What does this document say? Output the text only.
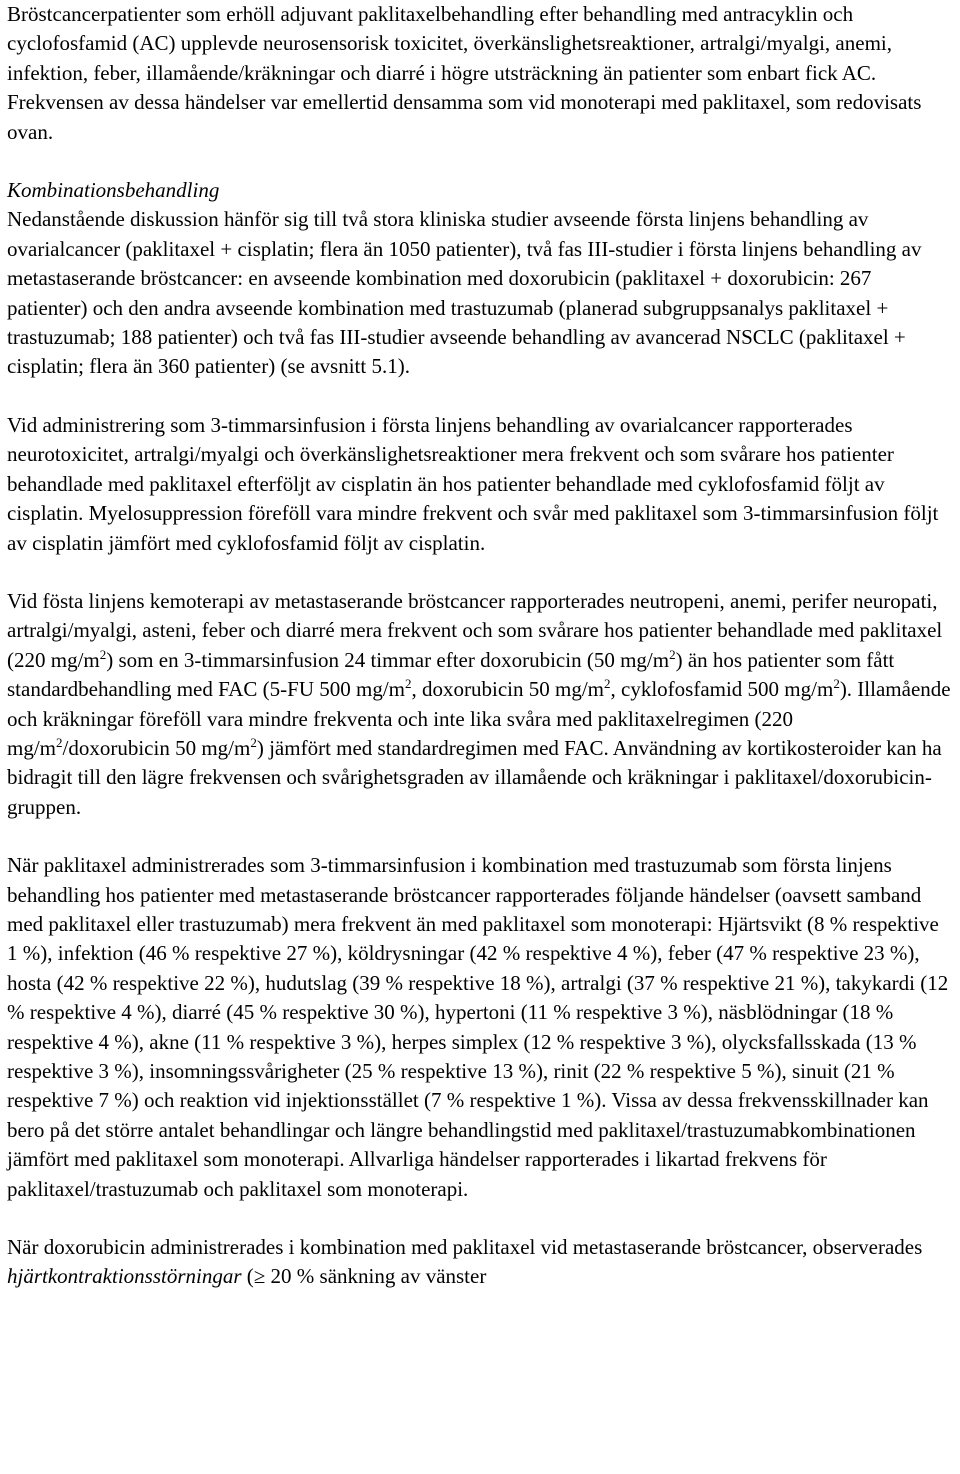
Bröstcancerpatienter som erhöll adjuvant paklitaxelbehandling efter behandling med antracyklin och cyclofosfamid (AC) upplevde neurosensorisk toxicitet, överkänslighetsreaktioner, artralgi/myalgi, anemi, infektion, feber, illamående/kräkningar och diarré i högre utsträckning än patienter som enbart fick AC. Frekvensen av dessa händelser var emellertid densamma som vid monoterapi med paklitaxel, som redovisats ovan.

Kombinationsbehandling

Nedanstående diskussion hänför sig till två stora kliniska studier avseende första linjens behandling av ovarialcancer (paklitaxel + cisplatin; flera än 1050 patienter), två fas III-studier i första linjens behandling av metastaserande bröstcancer: en avseende kombination med doxorubicin (paklitaxel + doxorubicin: 267 patienter) och den andra avseende kombination med trastuzumab (planerad subgruppsanalys paklitaxel + trastuzumab; 188 patienter) och två fas III-studier avseende behandling av avancerad NSCLC (paklitaxel + cisplatin; flera än 360 patienter) (se avsnitt 5.1).

Vid administrering som 3-timmarsinfusion i första linjens behandling av ovarialcancer rapporterades neurotoxicitet, artralgi/myalgi och överkänslighetsreaktioner mera frekvent och som svårare hos patienter behandlade med paklitaxel efterföljt av cisplatin än hos patienter behandlade med cyklofosfamid följt av cisplatin. Myelosuppression föreföll vara mindre frekvent och svår med paklitaxel som 3-timmarsinfusion följt av cisplatin jämfört med cyklofosfamid följt av cisplatin.

Vid fösta linjens kemoterapi av metastaserande bröstcancer rapporterades neutropeni, anemi, perifer neuropati, artralgi/myalgi, asteni, feber och diarré mera frekvent och som svårare hos patienter behandlade med paklitaxel (220 $mg/m^2$) som en 3-timmarsinfusion 24 timmar efter doxorubicin (50 $mg/m^2$) än hos patienter som fått standardbehandling med FAC (5-FU 500 $mg/m^2$, doxorubicin 50 $mg/m^2$, cyklofosfamid 500 $mg/m^2$). Illamående och kräkningar föreföll vara mindre frekventa och inte lika svåra med paklitaxelregimen (220 $mg/m^2$/doxorubicin 50 $mg/m^2$) jämfört med standardregimen med FAC. Användning av kortikosteroider kan ha bidragit till den lägre frekvensen och svårighetsgraden av illamående och kräkningar i paklitaxel/doxorubicin-gruppen.

När paklitaxel administrerades som 3-timmarsinfusion i kombination med trastuzumab som första linjens behandling hos patienter med metastaserande bröstcancer rapporterades följande händelser (oavsett samband med paklitaxel eller trastuzumab) mera frekvent än med paklitaxel som monoterapi: Hjärtsvikt (8 % respektive 1 %), infektion (46 % respektive 27 %), köldrysningar (42 % respektive 4 %), feber (47 % respektive 23 %), hosta (42 % respektive 22 %), hudutslag (39 % respektive 18 %), artralgi (37 % respektive 21 %), takykardi (12 % respektive 4 %), diarré (45 % respektive 30 %), hypertoni (11 % respektive 3 %), näsblödningar (18 % respektive 4 %), akne (11 % respektive 3 %), herpes simplex (12 % respektive 3 %), olycksfallsskada (13 % respektive 3 %), insomningssvårigheter (25 % respektive 13 %), rinit (22 % respektive 5 %), sinuit (21 % respektive 7 %) och reaktion vid injektionsstället (7 % respektive 1 %). Vissa av dessa frekvensskillnader kan bero på det större antalet behandlingar och längre behandlingstid med paklitaxel/trastuzumabkombinationen jämfört med paklitaxel som monoterapi. Allvarliga händelser rapporterades i likartad frekvens för paklitaxel/trastuzumab och paklitaxel som monoterapi.

När doxorubicin administrerades i kombination med paklitaxel vid metastaserande bröstcancer, observerades hjärtkontraktionsstörningar (≥ 20 % sänkning av vänster
